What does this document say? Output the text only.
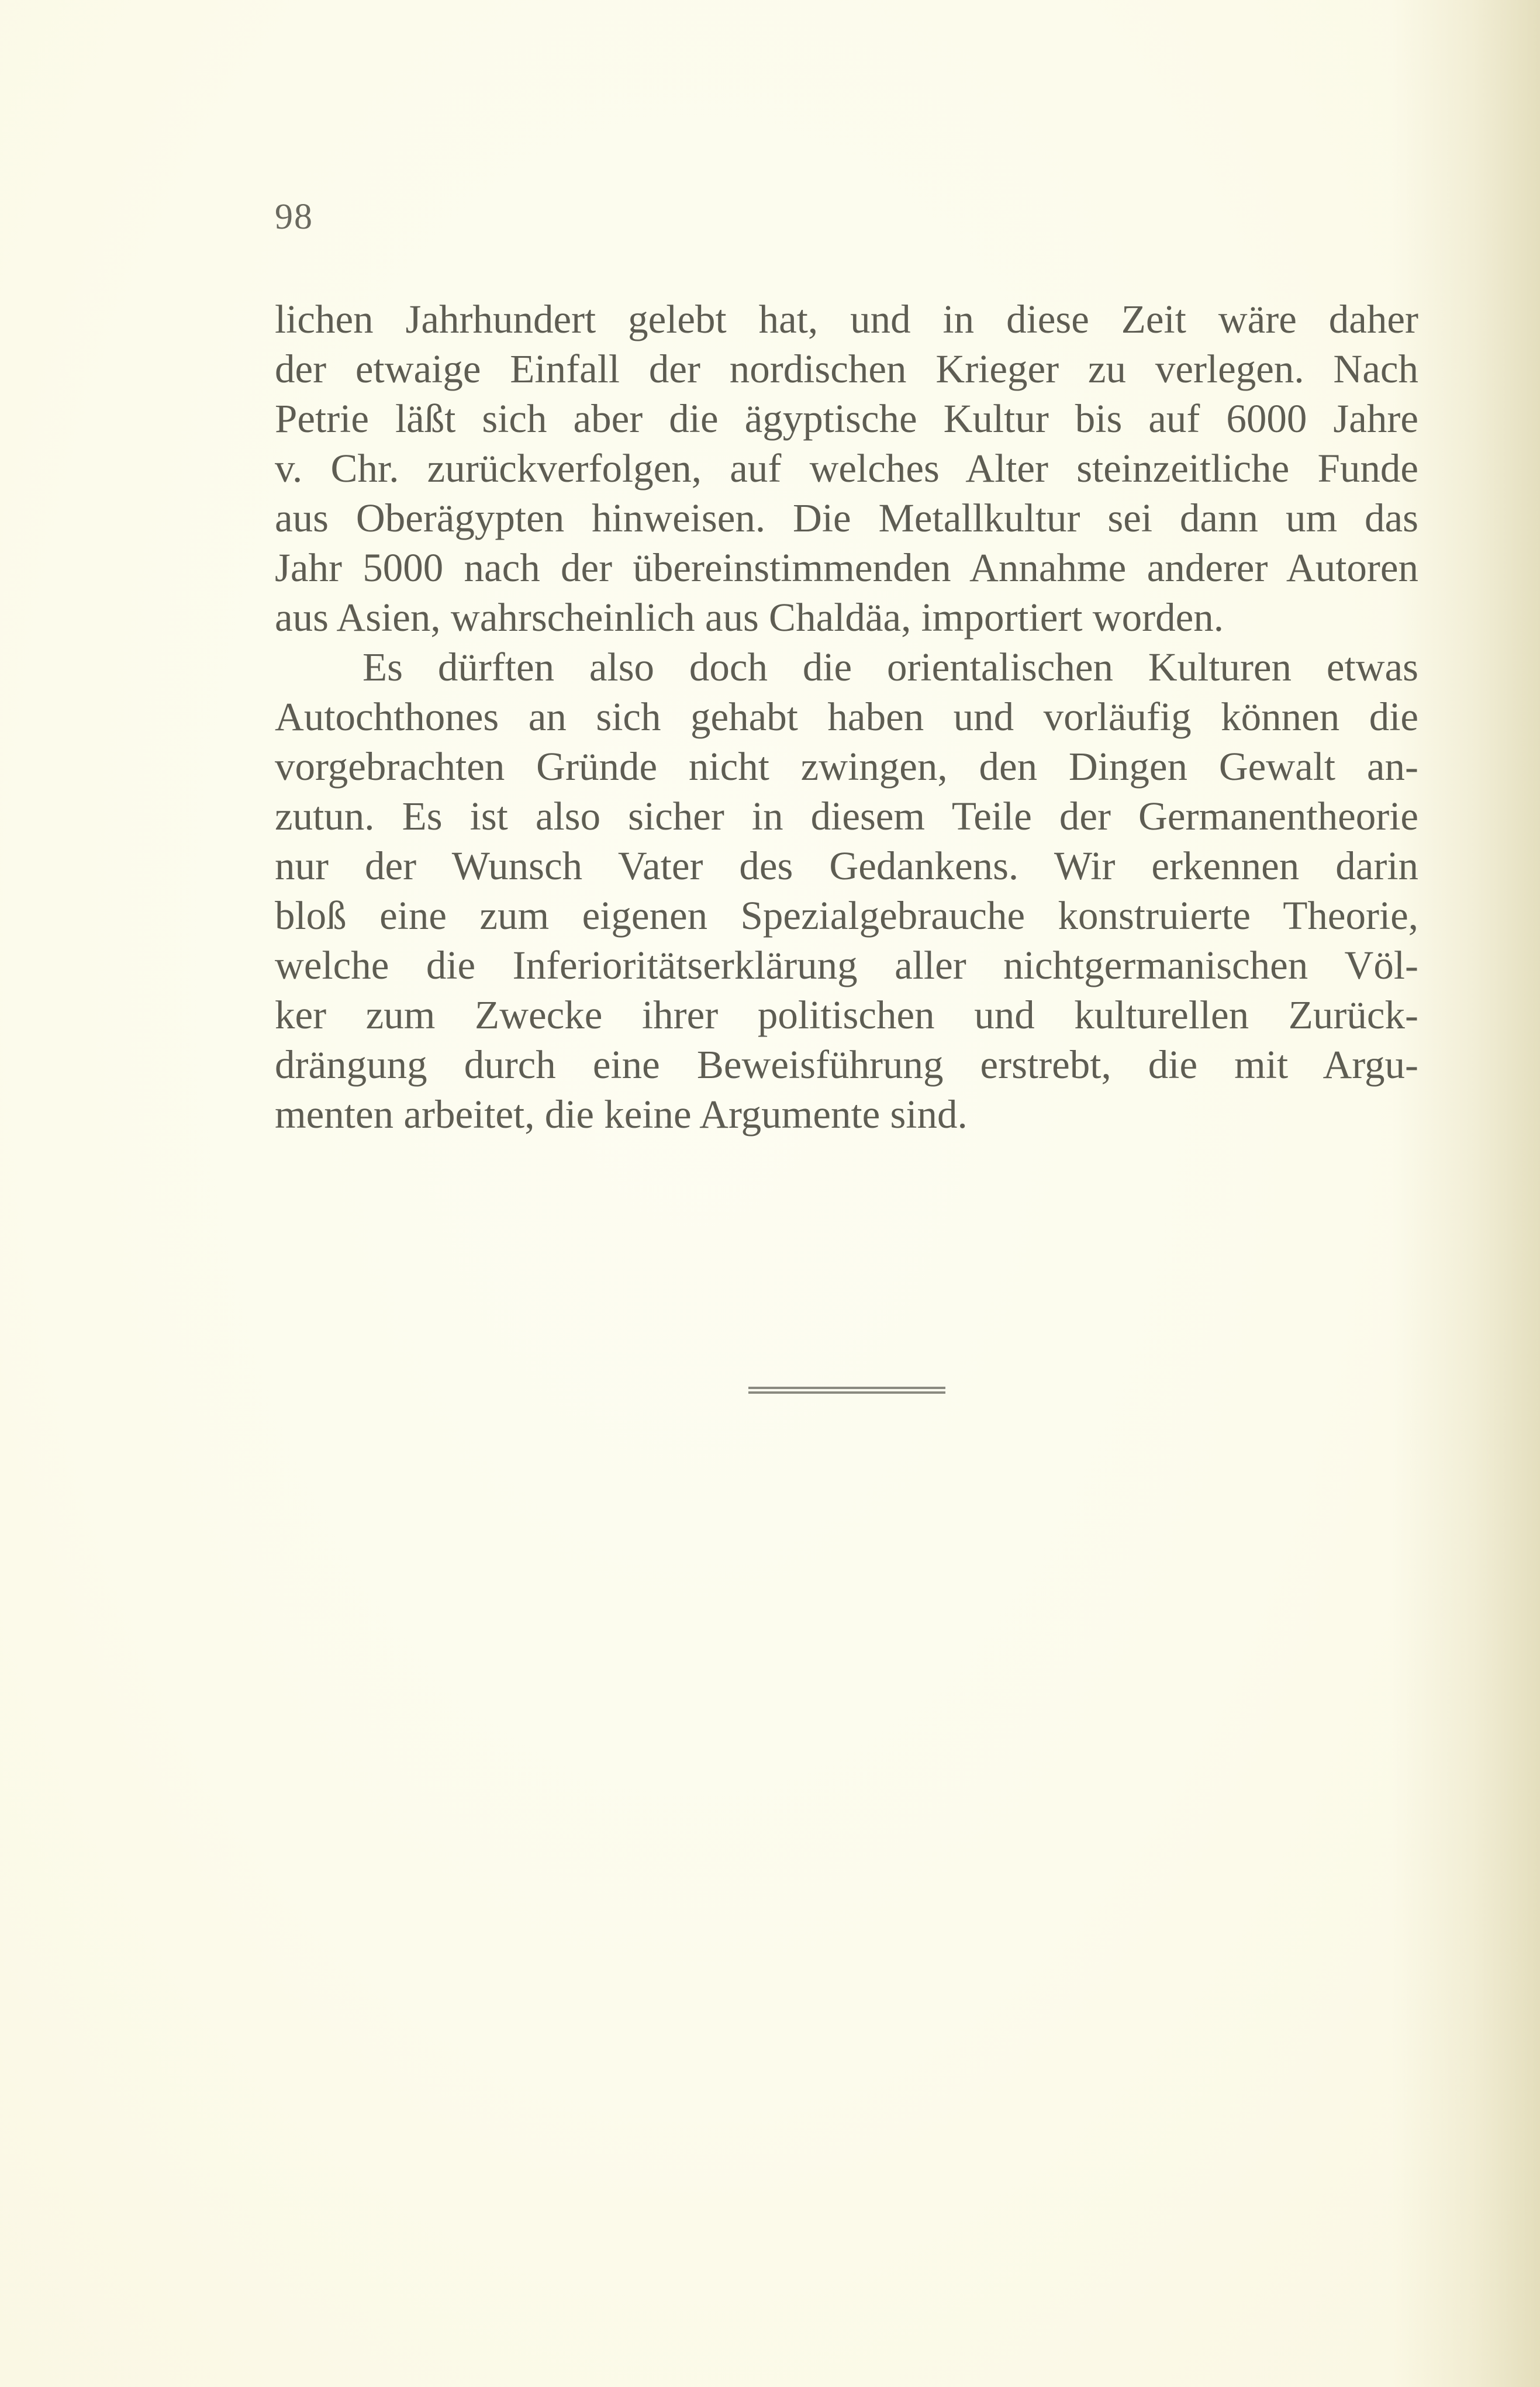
98
lichen Jahrhundert gelebt hat, und in diese Zeit wäre daher
der etwaige Einfall der nordischen Krieger zu verlegen. Nach
Petrie läßt sich aber die ägyptische Kultur bis auf 6000 Jahre
v. Chr. zurückverfolgen, auf welches Alter steinzeitliche Funde
aus Oberägypten hinweisen. Die Metallkultur sei dann um das
Jahr 5000 nach der übereinstimmenden Annahme anderer Autoren
aus Asien, wahrscheinlich aus Chaldäa, importiert worden.
Es dürften also doch die orientalischen Kulturen etwas
Autochthones an sich gehabt haben und vorläufig können die
vorgebrachten Gründe nicht zwingen, den Dingen Gewalt an-
zutun. Es ist also sicher in diesem Teile der Germanentheorie
nur der Wunsch Vater des Gedankens. Wir erkennen darin
bloß eine zum eigenen Spezialgebrauche konstruierte Theorie,
welche die Inferioritätserklärung aller nichtgermanischen Völ-
ker zum Zwecke ihrer politischen und kulturellen Zurück-
drängung durch eine Beweisführung erstrebt, die mit Argu-
menten arbeitet, die keine Argumente sind.
